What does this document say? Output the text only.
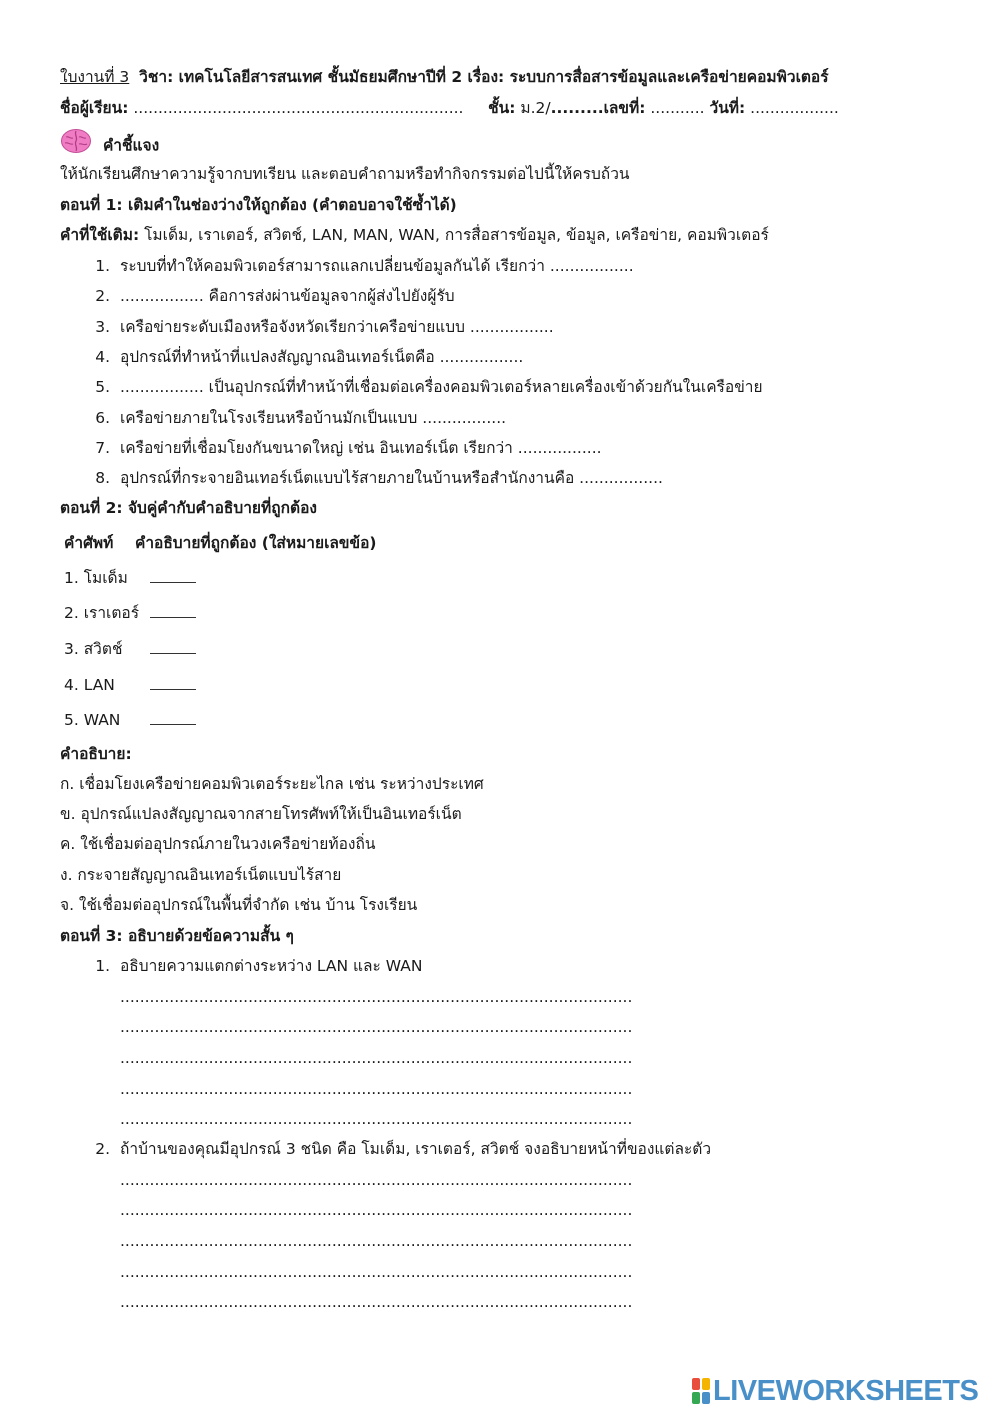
ใบงานที่ 3 วิชา: เทคโนโลยีสารสนเทศ ชั้นมัธยมศึกษาปีที่ 2 เรื่อง: ระบบการสื่อสารข้อมูลและเครือข่ายคอมพิวเตอร์
ชื่อผู้เรียน: ................................................................... ชั้น: ม.2/.........เลขที่: ........... วันที่: ..................
คำชี้แจง
ให้นักเรียนศึกษาความรู้จากบทเรียน และตอบคำถามหรือทำกิจกรรมต่อไปนี้ให้ครบถ้วน
ตอนที่ 1: เติมคำในช่องว่างให้ถูกต้อง (คำตอบอาจใช้ซ้ำได้)
คำที่ใช้เติม: โมเด็ม, เราเตอร์, สวิตช์, LAN, MAN, WAN, การสื่อสารข้อมูล, ข้อมูล, เครือข่าย, คอมพิวเตอร์
1. ระบบที่ทำให้คอมพิวเตอร์สามารถแลกเปลี่ยนข้อมูลกันได้ เรียกว่า .................
2. ................. คือการส่งผ่านข้อมูลจากผู้ส่งไปยังผู้รับ
3. เครือข่ายระดับเมืองหรือจังหวัดเรียกว่าเครือข่ายแบบ .................
4. อุปกรณ์ที่ทำหน้าที่แปลงสัญญาณอินเทอร์เน็ตคือ .................
5. ................. เป็นอุปกรณ์ที่ทำหน้าที่เชื่อมต่อเครื่องคอมพิวเตอร์หลายเครื่องเข้าด้วยกันในเครือข่าย
6. เครือข่ายภายในโรงเรียนหรือบ้านมักเป็นแบบ .................
7. เครือข่ายที่เชื่อมโยงกันขนาดใหญ่ เช่น อินเทอร์เน็ต เรียกว่า .................
8. อุปกรณ์ที่กระจายอินเทอร์เน็ตแบบไร้สายภายในบ้านหรือสำนักงานคือ .................
ตอนที่ 2: จับคู่คำกับคำอธิบายที่ถูกต้อง
คำศัพท์ คำอธิบายที่ถูกต้อง (ใส่หมายเลขข้อ)
1. โมเด็ม
2. เราเตอร์
3. สวิตช์
4. LAN
5. WAN
คำอธิบาย:
ก. เชื่อมโยงเครือข่ายคอมพิวเตอร์ระยะไกล เช่น ระหว่างประเทศ
ข. อุปกรณ์แปลงสัญญาณจากสายโทรศัพท์ให้เป็นอินเทอร์เน็ต
ค. ใช้เชื่อมต่ออุปกรณ์ภายในวงเครือข่ายท้องถิ่น
ง. กระจายสัญญาณอินเทอร์เน็ตแบบไร้สาย
จ. ใช้เชื่อมต่ออุปกรณ์ในพื้นที่จำกัด เช่น บ้าน โรงเรียน
ตอนที่ 3: อธิบายด้วยข้อความสั้น ๆ
1. อธิบายความแตกต่างระหว่าง LAN และ WAN
........................................................................................................
........................................................................................................
........................................................................................................
........................................................................................................
........................................................................................................
2. ถ้าบ้านของคุณมีอุปกรณ์ 3 ชนิด คือ โมเด็ม, เราเตอร์, สวิตช์ จงอธิบายหน้าที่ของแต่ละตัว
........................................................................................................
........................................................................................................
........................................................................................................
........................................................................................................
........................................................................................................
LIVEWORKSHEETS
